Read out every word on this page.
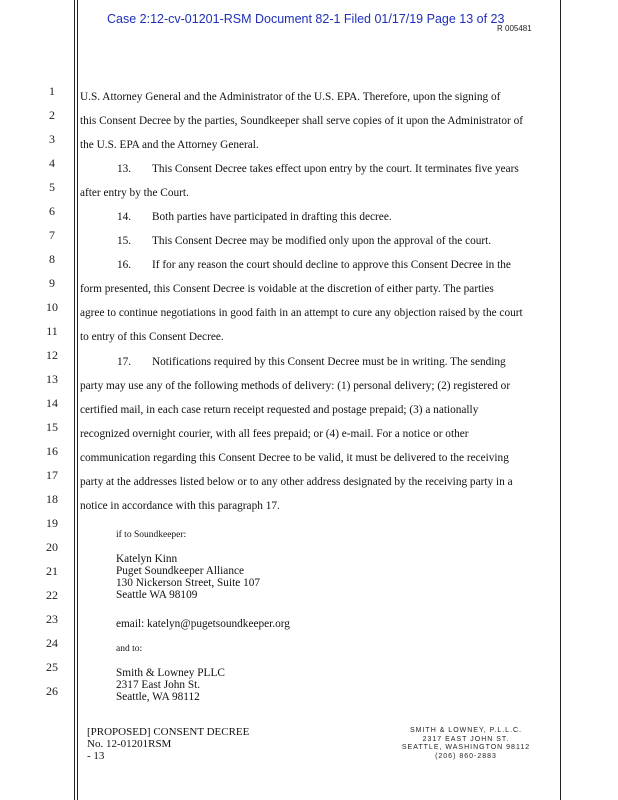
Case 2:12-cv-01201-RSM Document 82-1 Filed 01/17/19 Page 13 of 23
R 005481
1
2
3
4
5
6
7
8
9
10
11
12
13
14
15
16
17
18
19
20
21
22
23
24
25
26
U.S. Attorney General and the Administrator of the U.S. EPA. Therefore, upon the signing of
this Consent Decree by the parties, Soundkeeper shall serve copies of it upon the Administrator of
the U.S. EPA and the Attorney General.
13. This Consent Decree takes effect upon entry by the court. It terminates five years
after entry by the Court.
14. Both parties have participated in drafting this decree.
15. This Consent Decree may be modified only upon the approval of the court.
16. If for any reason the court should decline to approve this Consent Decree in the
form presented, this Consent Decree is voidable at the discretion of either party. The parties
agree to continue negotiations in good faith in an attempt to cure any objection raised by the court
to entry of this Consent Decree.
17. Notifications required by this Consent Decree must be in writing. The sending
party may use any of the following methods of delivery: (1) personal delivery; (2) registered or
certified mail, in each case return receipt requested and postage prepaid; (3) a nationally
recognized overnight courier, with all fees prepaid; or (4) e-mail. For a notice or other
communication regarding this Consent Decree to be valid, it must be delivered to the receiving
party at the addresses listed below or to any other address designated by the receiving party in a
notice in accordance with this paragraph 17.
if to Soundkeeper:
Katelyn Kinn
Puget Soundkeeper Alliance
130 Nickerson Street, Suite 107
Seattle WA 98109
email: katelyn@pugetsoundkeeper.org
and to:
Smith & Lowney PLLC
2317 East John St.
Seattle, WA 98112
[PROPOSED] CONSENT DECREE
No. 12-01201RSM
- 13
SMITH & LOWNEY, P.L.L.C.
2317 EAST JOHN ST.
SEATTLE, WASHINGTON 98112
(206) 860-2883
